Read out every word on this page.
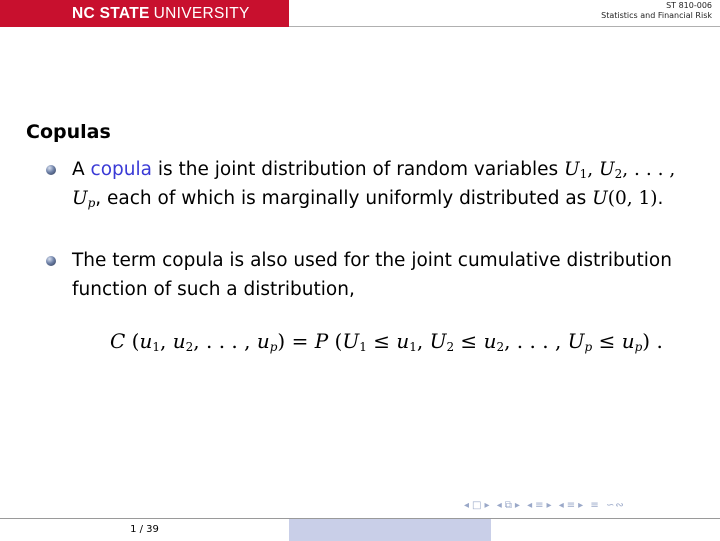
NC STATE UNIVERSITY	ST 810-006
Statistics and Financial Risk
Copulas
A copula is the joint distribution of random variables $U_1$, $U_2$, . . . , $U_p$, each of which is marginally uniformly distributed as U(0, 1).
The term copula is also used for the joint cumulative distribution function of such a distribution,
C ($u_1$, $u_2$, . . . , $u_p) = P$ ($U_1 \le u_1$, $U_2 \le u_2$, . . . , $U_p \le u_p$) .
◂ □ ▸ ◂ ⧉ ▸ ◂ ≡ ▸ ◂ ≡ ▸ ≡ ∽∾
1 / 39
